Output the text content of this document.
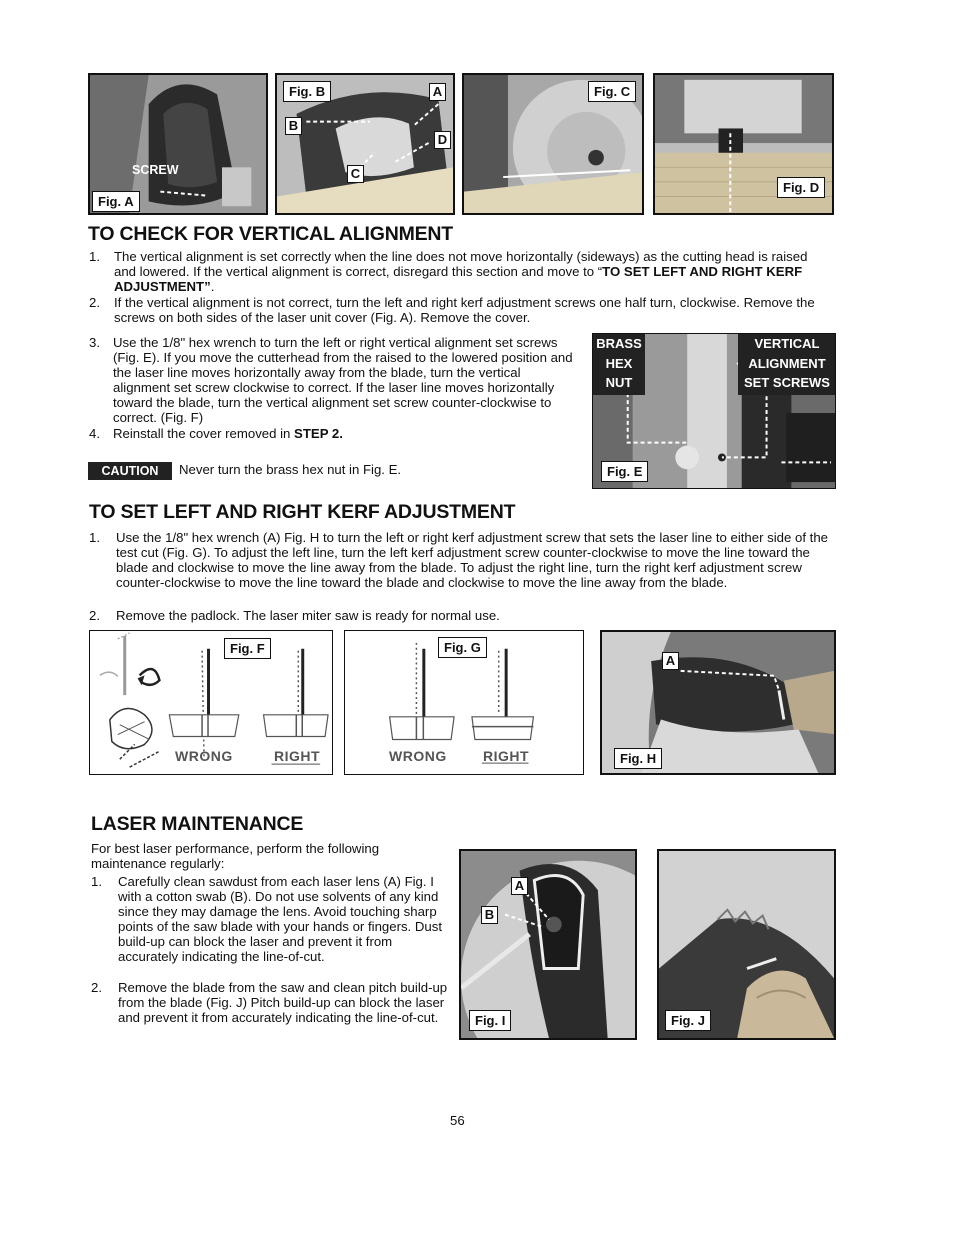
SCREW
Fig. A
Fig. B	A
B
C
D
Fig. C
Fig. D
TO CHECK FOR VERTICAL ALIGNMENT
1. The vertical alignment is set correctly when the line does not move horizontally (sideways) as the cutting head is raised and lowered. If the vertical alignment is correct, disregard this section and move to “TO SET LEFT AND RIGHT KERF ADJUSTMENT”.
2. If the vertical alignment is not correct, turn the left and right kerf adjustment screws one half turn, clockwise. Remove the screws on both sides of the laser unit cover (Fig. A). Remove the cover.
3. Use the 1/8" hex wrench to turn the left or right vertical alignment set screws (Fig. E). If you move the cutterhead from the raised to the lowered position and the laser line moves horizontally away from the blade, turn the vertical alignment set screw clockwise to correct. If the laser line moves horizontally toward the blade, turn the vertical alignment set screw counter-clockwise to correct. (Fig. F)
4. Reinstall the cover removed in STEP 2.
CAUTION	Never turn the brass hex nut in Fig. E.
BRASS
HEX
NUT
VERTICAL
ALIGNMENT
SET SCREWS
Fig. E
TO SET LEFT AND RIGHT KERF ADJUSTMENT
1. Use the 1/8" hex wrench (A) Fig. H to turn the left or right kerf adjustment screw that sets the laser line to either side of the test cut (Fig. G). To adjust the left line, turn the left kerf adjustment screw counter-clockwise to move the line toward the blade and clockwise to move the line away from the blade. To adjust the right line, turn the right kerf adjustment screw counter-clockwise to move the line toward the blade and clockwise to move the line away from the blade.
2. Remove the padlock. The laser miter saw is ready for normal use.
Fig. F
WRONG	RIGHT
Fig. G
WRONG	RIGHT
A
Fig. H
LASER MAINTENANCE
For best laser performance, perform the following maintenance regularly:
1. Carefully clean sawdust from each laser lens (A) Fig. I with a cotton swab (B). Do not use solvents of any kind since they may damage the lens. Avoid touching sharp points of the saw blade with your hands or fingers. Dust build-up can block the laser and prevent it from accurately indicating the line-of-cut.
2. Remove the blade from the saw and clean pitch build-up from the blade (Fig. J) Pitch build-up can block the laser and prevent it from accurately indicating the line-of-cut.
A
B
Fig. I	Fig. J
56
